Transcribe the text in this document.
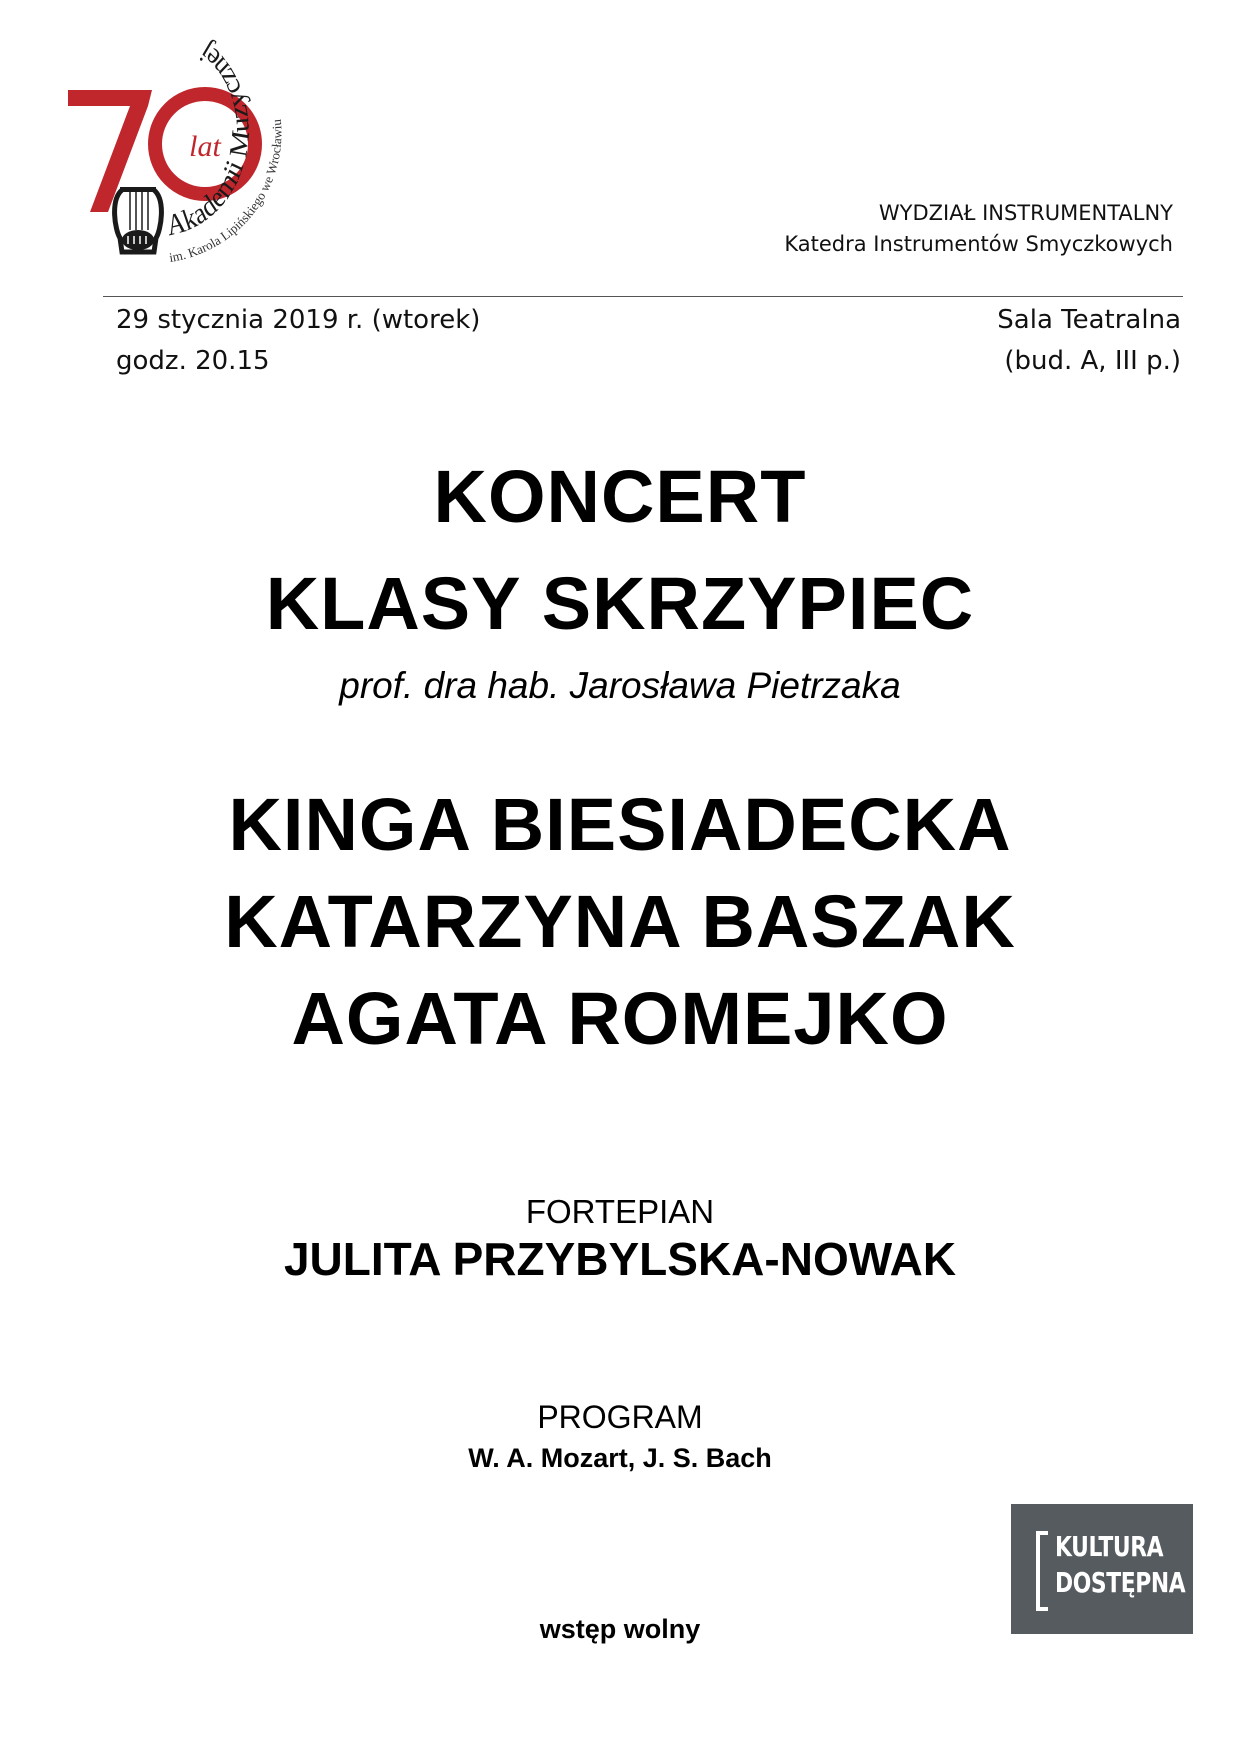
lat
Akademii Muzycznej
im. Karola Lipińskiego we Wrocławiu
WYDZIAŁ INSTRUMENTALNY
Katedra Instrumentów Smyczkowych
29 stycznia 2019 r. (wtorek)
godz. 20.15
Sala Teatralna
(bud. A, III p.)
KONCERT
KLASY SKRZYPIEC
prof. dra hab. Jarosława Pietrzaka
KINGA BIESIADECKA
KATARZYNA BASZAK
AGATA ROMEJKO
FORTEPIAN
JULITA PRZYBYLSKA-NOWAK
PROGRAM
W. A. Mozart, J. S. Bach
wstęp wolny
KULTURA
DOSTĘPNA
